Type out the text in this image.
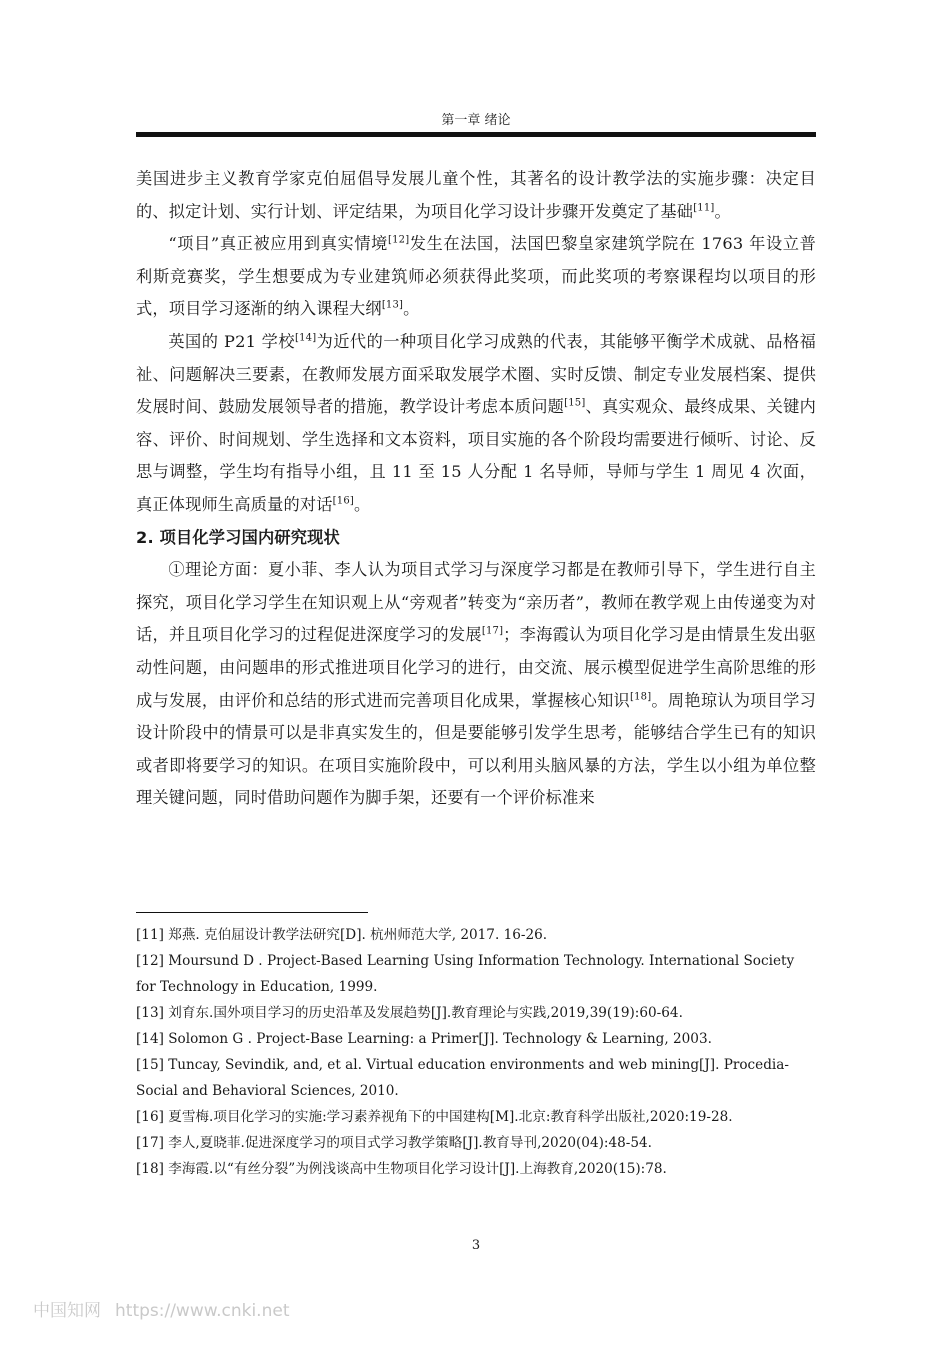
第一章 绪论

美国进步主义教育学家克伯屈倡导发展儿童个性，其著名的设计教学法的实施步骤：决定目的、拟定计划、实行计划、评定结果，为项目化学习设计步骤开发奠定了基础[11]。

“项目”真正被应用到真实情境[12]发生在法国，法国巴黎皇家建筑学院在 1763 年设立普利斯竞赛奖，学生想要成为专业建筑师必须获得此奖项，而此奖项的考察课程均以项目的形式，项目学习逐渐的纳入课程大纲[13]。

英国的 P21 学校[14]为近代的一种项目化学习成熟的代表，其能够平衡学术成就、品格福祉、问题解决三要素，在教师发展方面采取发展学术圈、实时反馈、制定专业发展档案、提供发展时间、鼓励发展领导者的措施，教学设计考虑本质问题[15]、真实观众、最终成果、关键内容、评价、时间规划、学生选择和文本资料，项目实施的各个阶段均需要进行倾听、讨论、反思与调整，学生均有指导小组，且 11 至 15 人分配 1 名导师，导师与学生 1 周见 4 次面，真正体现师生高质量的对话[16]。

2. 项目化学习国内研究现状

①理论方面：夏小菲、李人认为项目式学习与深度学习都是在教师引导下，学生进行自主探究，项目化学习学生在知识观上从“旁观者”转变为“亲历者”，教师在教学观上由传递变为对话，并且项目化学习的过程促进深度学习的发展[17]；李海霞认为项目化学习是由情景生发出驱动性问题，由问题串的形式推进项目化学习的进行，由交流、展示模型促进学生高阶思维的形成与发展，由评价和总结的形式进而完善项目化成果，掌握核心知识[18]。周艳琼认为项目学习设计阶段中的情景可以是非真实发生的，但是要能够引发学生思考，能够结合学生已有的知识或者即将要学习的知识。在项目实施阶段中，可以利用头脑风暴的方法，学生以小组为单位整理关键问题，同时借助问题作为脚手架，还要有一个评价标准来

[11] 郑燕. 克伯屈设计教学法研究[D]. 杭州师范大学, 2017. 16-26.

[12] Moursund D . Project-Based Learning Using Information Technology. International Society for Technology in Education, 1999.

[13] 刘育东.国外项目学习的历史沿革及发展趋势[J].教育理论与实践,2019,39(19):60-64.

[14] Solomon G . Project-Base Learning: a Primer[J]. Technology & Learning, 2003.

[15] Tuncay, Sevindik, and, et al. Virtual education environments and web mining[J]. Procedia-Social and Behavioral Sciences, 2010.

[16] 夏雪梅.项目化学习的实施:学习素养视角下的中国建构[M].北京:教育科学出版社,2020:19-28.

[17] 李人,夏晓菲.促进深度学习的项目式学习教学策略[J].教育导刊,2020(04):48-54.

[18] 李海霞.以“有丝分裂”为例浅谈高中生物项目化学习设计[J].上海教育,2020(15):78.

3
中国知网 https://www.cnki.net
